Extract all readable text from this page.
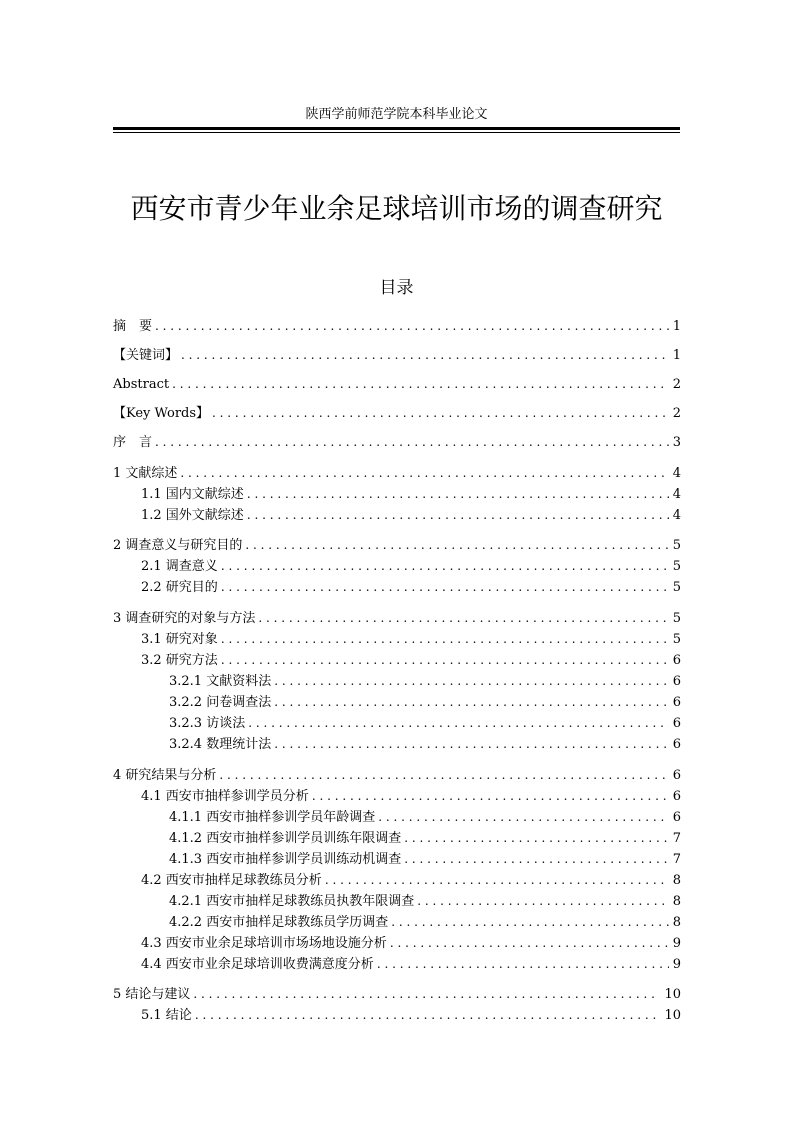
陕西学前师范学院本科毕业论文
西安市青少年业余足球培训市场的调查研究
目录
摘　要 . . .	1
【关键词】 . . .	1
Abstract . . .	2
【Key Words】 . . .	2
序　言 . . .	3
1 文献综述 . . .	4
1.1 国内文献综述 . . .	4
1.2 国外文献综述 . . .	4
2 调查意义与研究目的 . . .	5
2.1 调查意义 . . .	5
2.2 研究目的 . . .	5
3 调查研究的对象与方法 . . .	5
3.1 研究对象 . . .	5
3.2 研究方法 . . .	6
3.2.1 文献资料法 . . .	6
3.2.2 问卷调查法 . . .	6
3.2.3 访谈法 . . .	6
3.2.4 数理统计法 . . .	6
4 研究结果与分析 . . .	6
4.1 西安市抽样参训学员分析 . . .	6
4.1.1 西安市抽样参训学员年龄调查 . . .	6
4.1.2 西安市抽样参训学员训练年限调查 . . .	7
4.1.3 西安市抽样参训学员训练动机调查 . . .	7
4.2 西安市抽样足球教练员分析 . . .	8
4.2.1 西安市抽样足球教练员执教年限调查 . . .	8
4.2.2 西安市抽样足球教练员学历调查 . . .	8
4.3 西安市业余足球培训市场场地设施分析 . . .	9
4.4 西安市业余足球培训收费满意度分析 . . .	9
5 结论与建议 . . .	10
5.1 结论 . . .	10
